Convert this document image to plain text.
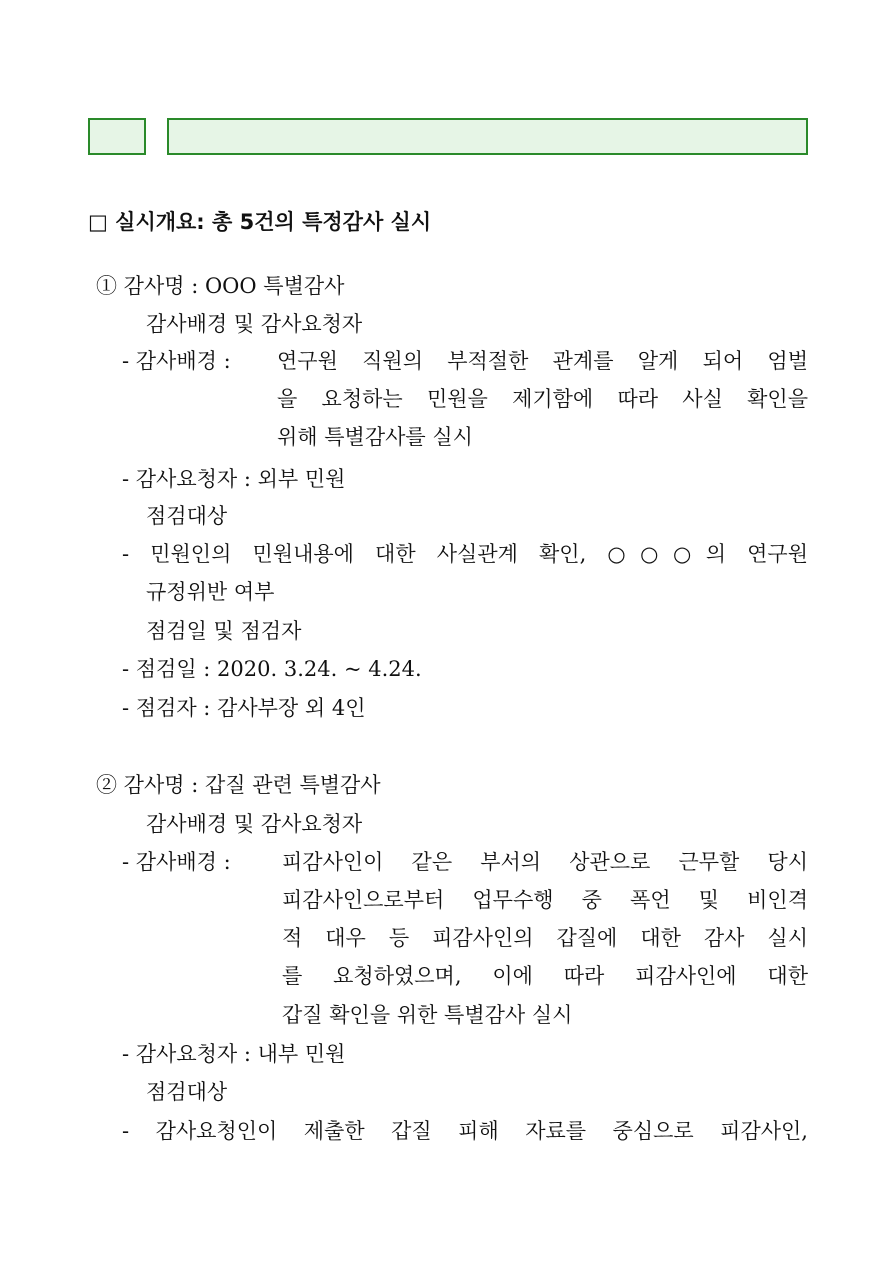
□ 실시개요: 총 5건의 특정감사 실시
① 감사명 : OOO 특별감사
감사배경 및 감사요청자
- 감사배경 : 연구원 직원의 부적절한 관계를 알게 되어 엄벌
을 요청하는 민원을 제기함에 따라 사실 확인을
위해 특별감사를 실시
- 감사요청자 : 외부 민원
점검대상
- 민원인의 민원내용에 대한 사실관계 확인, ○○○의 연구원
규정위반 여부
점검일 및 점검자
- 점검일 : 2020. 3.24. ~ 4.24.
- 점검자 : 감사부장 외 4인
② 감사명 : 갑질 관련 특별감사
감사배경 및 감사요청자
- 감사배경 : 피감사인이 같은 부서의 상관으로 근무할 당시
피감사인으로부터 업무수행 중 폭언 및 비인격
적 대우 등 피감사인의 갑질에 대한 감사 실시
를 요청하였으며, 이에 따라 피감사인에 대한
갑질 확인을 위한 특별감사 실시
- 감사요청자 : 내부 민원
점검대상
- 감사요청인이 제출한 갑질 피해 자료를 중심으로 피감사인,
